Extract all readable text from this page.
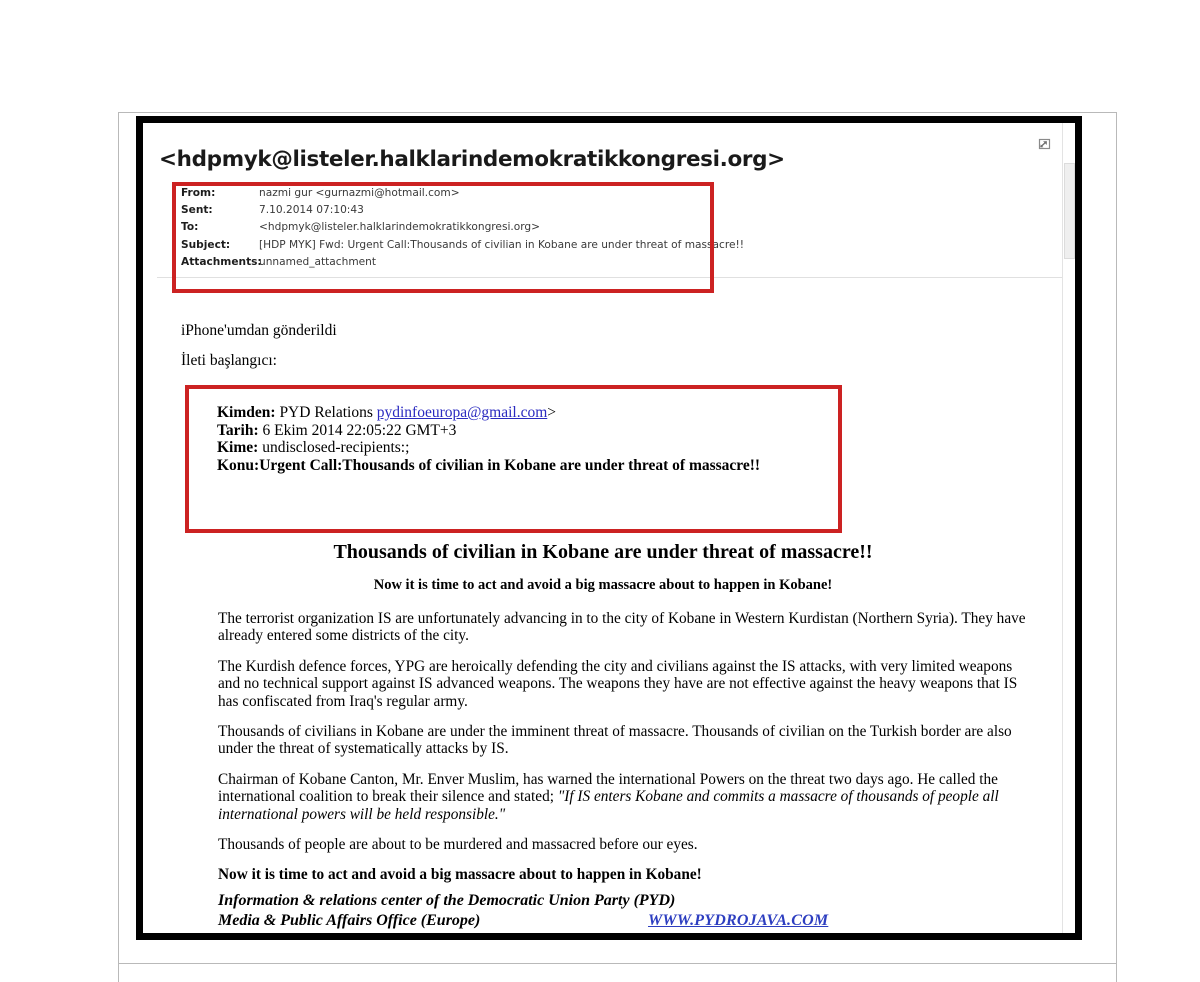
<hdpmyk@listeler.halklarindemokratikkongresi.org>
From:	nazmi gur <gurnazmi@hotmail.com>
Sent:	7.10.2014 07:10:43
To:	<hdpmyk@listeler.halklarindemokratikkongresi.org>
Subject:	[HDP MYK] Fwd: Urgent Call:Thousands of civilian in Kobane are under threat of massacre!!
Attachments:
unnamed_attachment
iPhone'umdan gönderildi
İleti başlangıcı:
Kimden: PYD Relations pydinfoeuropa@gmail.com>
Tarih: 6 Ekim 2014 22:05:22 GMT+3
Kime: undisclosed-recipients:;
Konu:Urgent Call:Thousands of civilian in Kobane are under threat of massacre!!
Thousands of civilian in Kobane are under threat of massacre!!
Now it is time to act and avoid a big massacre about to happen in Kobane!

The terrorist organization IS are unfortunately advancing in to the city of Kobane in Western Kurdistan (Northern Syria). They have already entered some districts of the city.

The Kurdish defence forces, YPG are heroically defending the city and civilians against the IS attacks, with very limited weapons and no technical support against IS advanced weapons. The weapons they have are not effective against the heavy weapons that IS has confiscated from Iraq's regular army.

Thousands of civilians in Kobane are under the imminent threat of massacre. Thousands of civilian on the Turkish border are also under the threat of systematically attacks by IS.

Chairman of Kobane Canton, Mr. Enver Muslim, has warned the international Powers on the threat two days ago. He called the international coalition to break their silence and stated; "If IS enters Kobane and commits a massacre of thousands of people all international powers will be held responsible."

Thousands of people are about to be murdered and massacred before our eyes.

Now it is time to act and avoid a big massacre about to happen in Kobane!

Information & relations center of the Democratic Union Party (PYD)
Media & Public Affairs Office (Europe)	WWW.PYDROJAVA.COM
